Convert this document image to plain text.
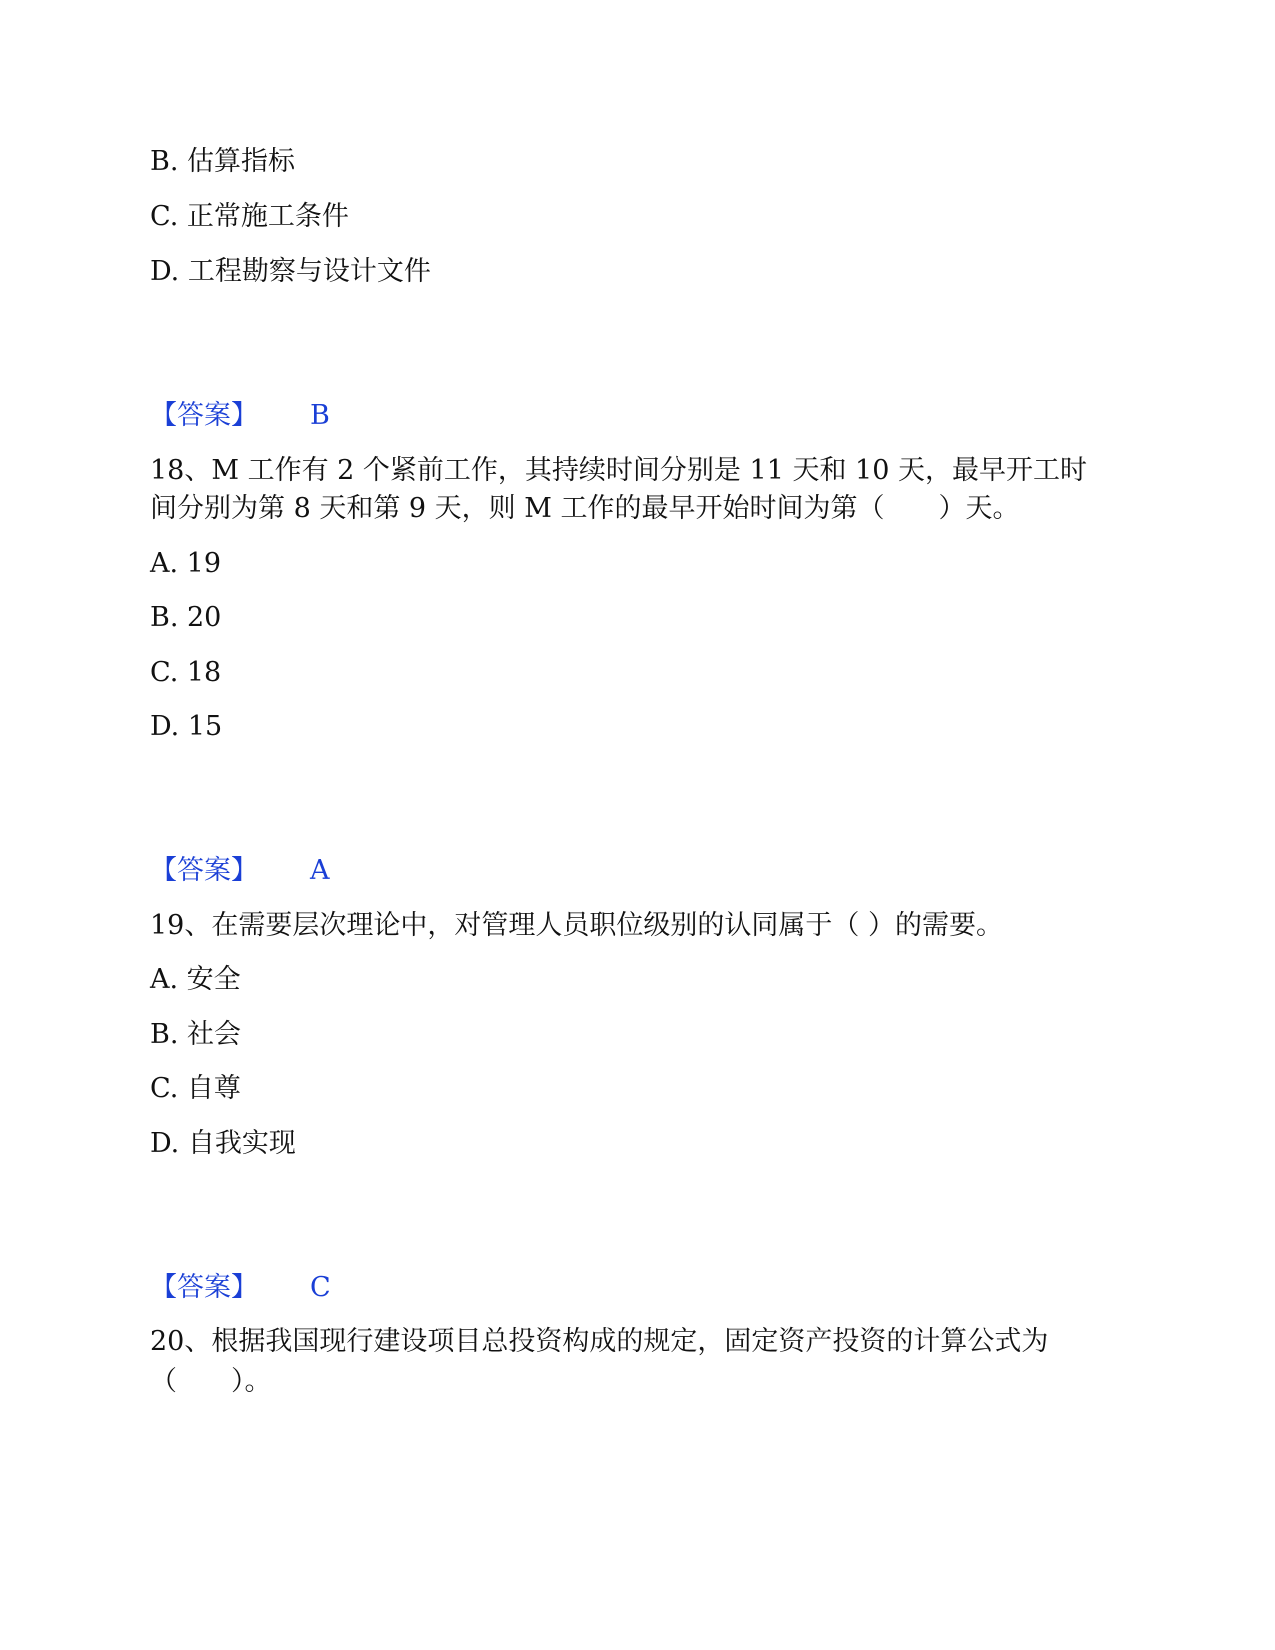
B. 估算指标
C. 正常施工条件
D. 工程勘察与设计文件
【答案】 B
18、M 工作有 2 个紧前工作，其持续时间分别是 11 天和 10 天，最早开工时
间分别为第 8 天和第 9 天，则 M 工作的最早开始时间为第（　　）天。
A. 19
B. 20
C. 18
D. 15
【答案】 A
19、在需要层次理论中，对管理人员职位级别的认同属于（ ）的需要。
A. 安全
B. 社会
C. 自尊
D. 自我实现
【答案】 C
20、根据我国现行建设项目总投资构成的规定，固定资产投资的计算公式为
（　　）。
